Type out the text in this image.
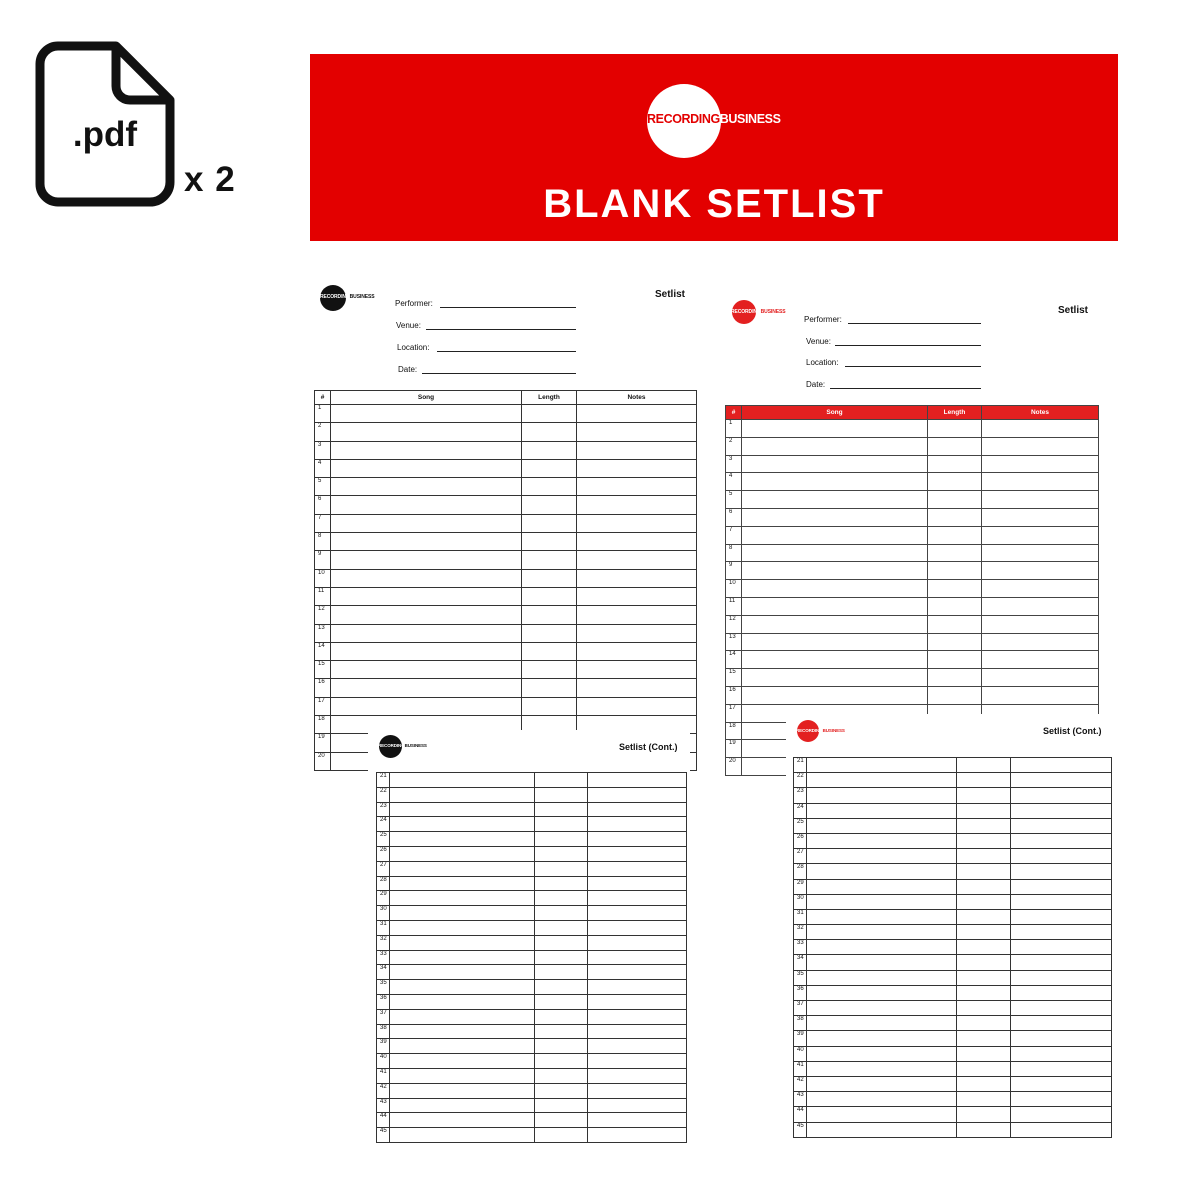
.pdf
x 2
RECORDINGBUSINESS
BLANK SETLIST
RECORDINGBUSINESS	Setlist
Performer:
Venue:
Location:
Date:
#	Song	Length	Notes
1			
2			
3			
4			
5			
6			
7			
8			
9			
10			
11			
12			
13			
14			
15			
16			
17			
18			
19			
20			
RECORDINGBUSINESS	Setlist
Performer:
Venue:
Location:
Date:
#	Song	Length	Notes
1			
2			
3			
4			
5			
6			
7			
8			
9			
10			
11			
12			
13			
14			
15			
16			
17			
18			
19			
20			
RECORDINGBUSINESS	Setlist (Cont.)
21			
22			
23			
24			
25			
26			
27			
28			
29			
30			
31			
32			
33			
34			
35			
36			
37			
38			
39			
40			
41			
42			
43			
44			
45			
RECORDINGBUSINESS	Setlist (Cont.)
21			
22			
23			
24			
25			
26			
27			
28			
29			
30			
31			
32			
33			
34			
35			
36			
37			
38			
39			
40			
41			
42			
43			
44			
45			
